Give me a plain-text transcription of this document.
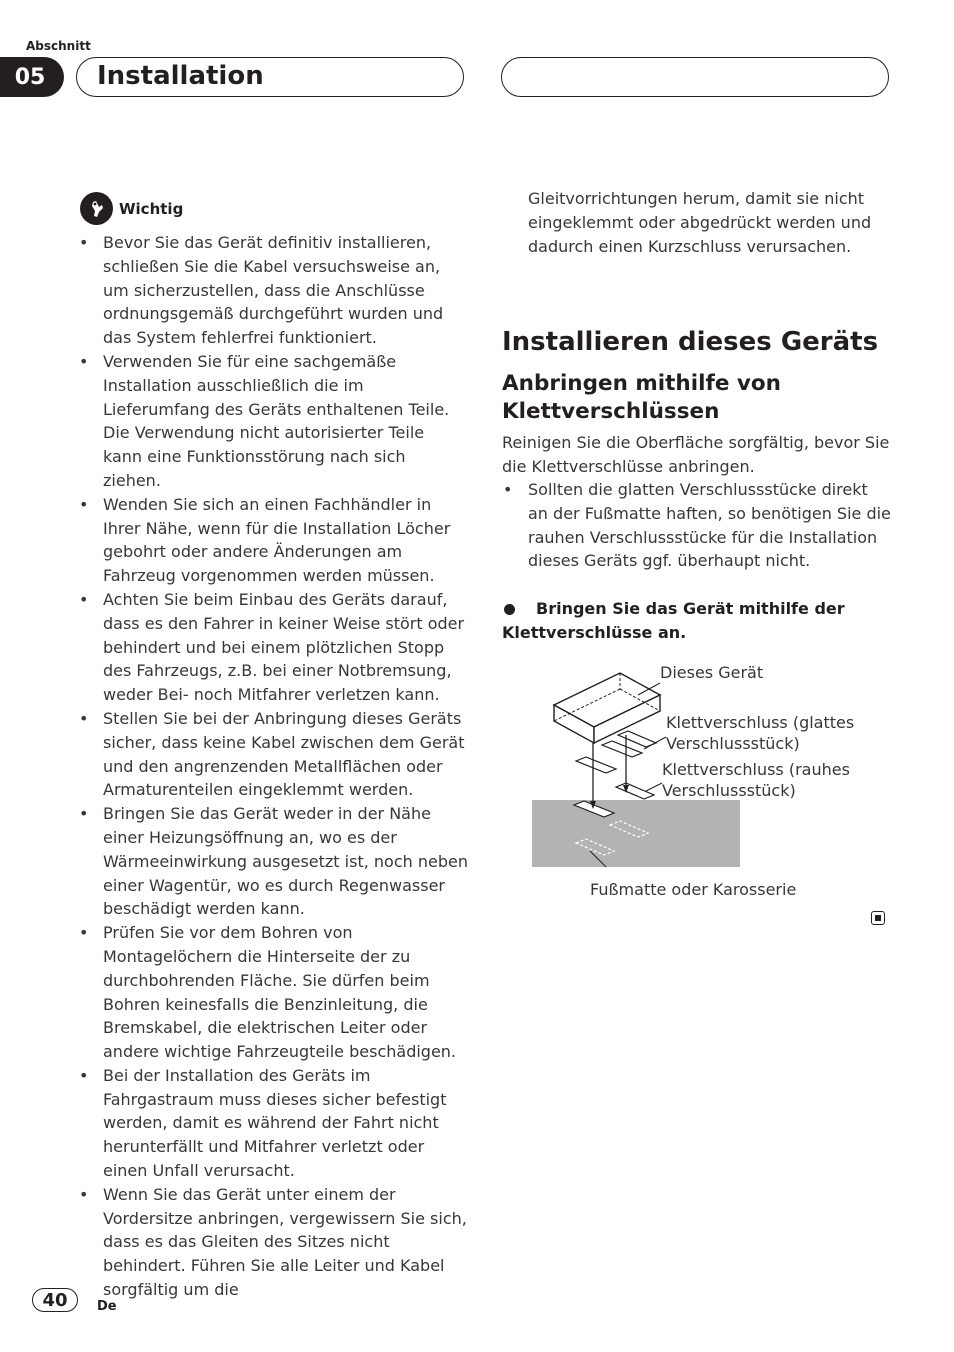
Abschnitt
05	Installation
Wichtig
• Bevor Sie das Gerät definitiv installieren, schließen Sie die Kabel versuchsweise an, um sicherzustellen, dass die Anschlüsse ordnungsgemäß durchgeführt wurden und das System fehlerfrei funktioniert.
• Verwenden Sie für eine sachgemäße Installation ausschließlich die im Lieferumfang des Geräts enthaltenen Teile. Die Verwendung nicht autorisierter Teile kann eine Funktionsstörung nach sich ziehen.
• Wenden Sie sich an einen Fachhändler in Ihrer Nähe, wenn für die Installation Löcher gebohrt oder andere Änderungen am Fahrzeug vorgenommen werden müssen.
• Achten Sie beim Einbau des Geräts darauf, dass es den Fahrer in keiner Weise stört oder behindert und bei einem plötzlichen Stopp des Fahrzeugs, z.B. bei einer Notbremsung, weder Bei- noch Mitfahrer verletzen kann.
• Stellen Sie bei der Anbringung dieses Geräts sicher, dass keine Kabel zwischen dem Gerät und den angrenzenden Metallflächen oder Armaturenteilen eingeklemmt werden.
• Bringen Sie das Gerät weder in der Nähe einer Heizungsöffnung an, wo es der Wärmeeinwirkung ausgesetzt ist, noch neben einer Wagentür, wo es durch Regenwasser beschädigt werden kann.
• Prüfen Sie vor dem Bohren von Montagelöchern die Hinterseite der zu durchbohrenden Fläche. Sie dürfen beim Bohren keinesfalls die Benzinleitung, die Bremskabel, die elektrischen Leiter oder andere wichtige Fahrzeugteile beschädigen.
• Bei der Installation des Geräts im Fahrgastraum muss dieses sicher befestigt werden, damit es während der Fahrt nicht herunterfällt und Mitfahrer verletzt oder einen Unfall verursacht.
• Wenn Sie das Gerät unter einem der Vordersitze anbringen, vergewissern Sie sich, dass es das Gleiten des Sitzes nicht behindert. Führen Sie alle Leiter und Kabel sorgfältig um die
Gleitvorrichtungen herum, damit sie nicht eingeklemmt oder abgedrückt werden und dadurch einen Kurzschluss verursachen.
Installieren dieses Geräts
Anbringen mithilfe von Klettverschlüssen
Reinigen Sie die Oberfläche sorgfältig, bevor Sie die Klettverschlüsse anbringen.
• Sollten die glatten Verschlussstücke direkt an der Fußmatte haften, so benötigen Sie die rauhen Verschlussstücke für die Installation dieses Geräts ggf. überhaupt nicht.
Bringen Sie das Gerät mithilfe der Klettverschlüsse an.
Dieses Gerät
Klettverschluss (glattes Verschlussstück)
Klettverschluss (rauhes Verschlussstück)
Fußmatte oder Karosserie
40	De
